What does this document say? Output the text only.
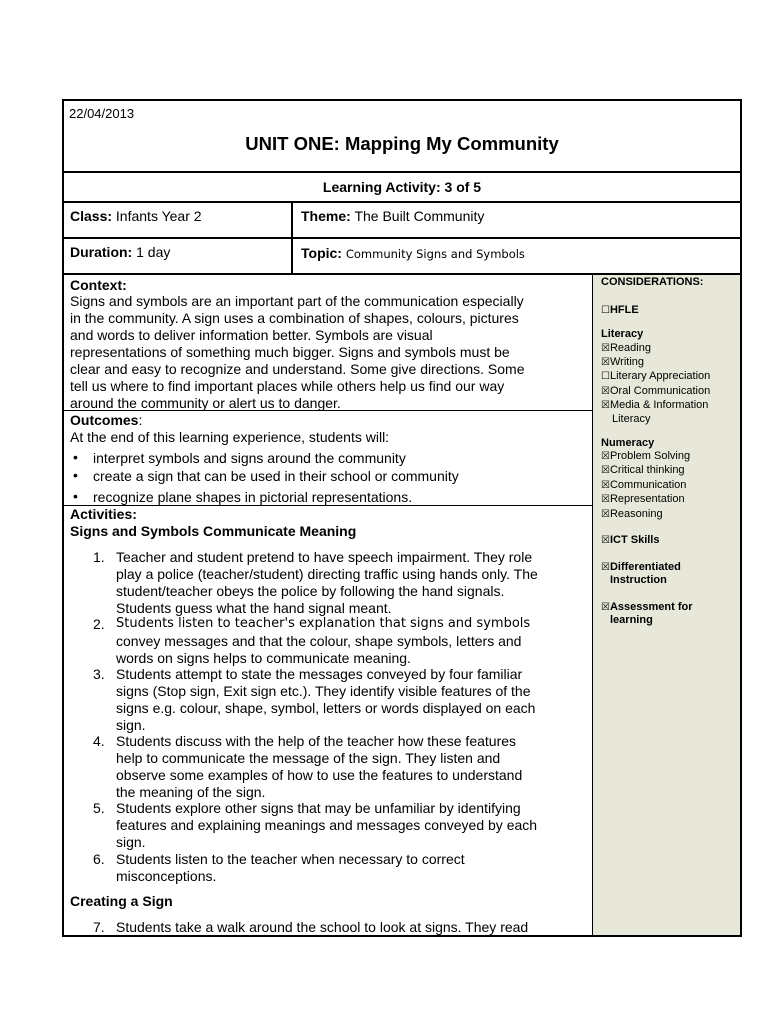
22/04/2013
UNIT ONE: Mapping My Community
Learning Activity: 3 of 5
Class: Infants Year 2	Theme: The Built Community
Duration: 1 day	Topic: Community Signs and Symbols
Context:
Signs and symbols are an important part of the communication especially
in the community. A sign uses a combination of shapes, colours, pictures
and words to deliver information better. Symbols are visual
representations of something much bigger. Signs and symbols must be
clear and easy to recognize and understand. Some give directions. Some
tell us where to find important places while others help us find our way
around the community or alert us to danger.
Outcomes:
At the end of this learning experience, students will:
• interpret symbols and signs around the community
• create a sign that can be used in their school or community
• recognize plane shapes in pictorial representations.
Activities:
Signs and Symbols Communicate Meaning
1. Teacher and student pretend to have speech impairment. They role
play a police (teacher/student) directing traffic using hands only. The
student/teacher obeys the police by following the hand signals.
Students guess what the hand signal meant.
2. Students listen to teacher's explanation that signs and symbols
convey messages and that the colour, shape symbols, letters and
words on signs helps to communicate meaning.
3. Students attempt to state the messages conveyed by four familiar
signs (Stop sign, Exit sign etc.). They identify visible features of the
signs e.g. colour, shape, symbol, letters or words displayed on each
sign.
4. Students discuss with the help of the teacher how these features
help to communicate the message of the sign. They listen and
observe some examples of how to use the features to understand
the meaning of the sign.
5. Students explore other signs that may be unfamiliar by identifying
features and explaining meanings and messages conveyed by each
sign.
6. Students listen to the teacher when necessary to correct
misconceptions.
Creating a Sign
7. Students take a walk around the school to look at signs. They read
CONSIDERATIONS:
☐HFLE
Literacy
☒Reading
☒Writing
☐Literary Appreciation
☒Oral Communication
☒Media & Information
Literacy
Numeracy
☒Problem Solving
☒Critical thinking
☒Communication
☒Representation
☒Reasoning
☒ICT Skills
☒Differentiated
Instruction
☒Assessment for
learning
